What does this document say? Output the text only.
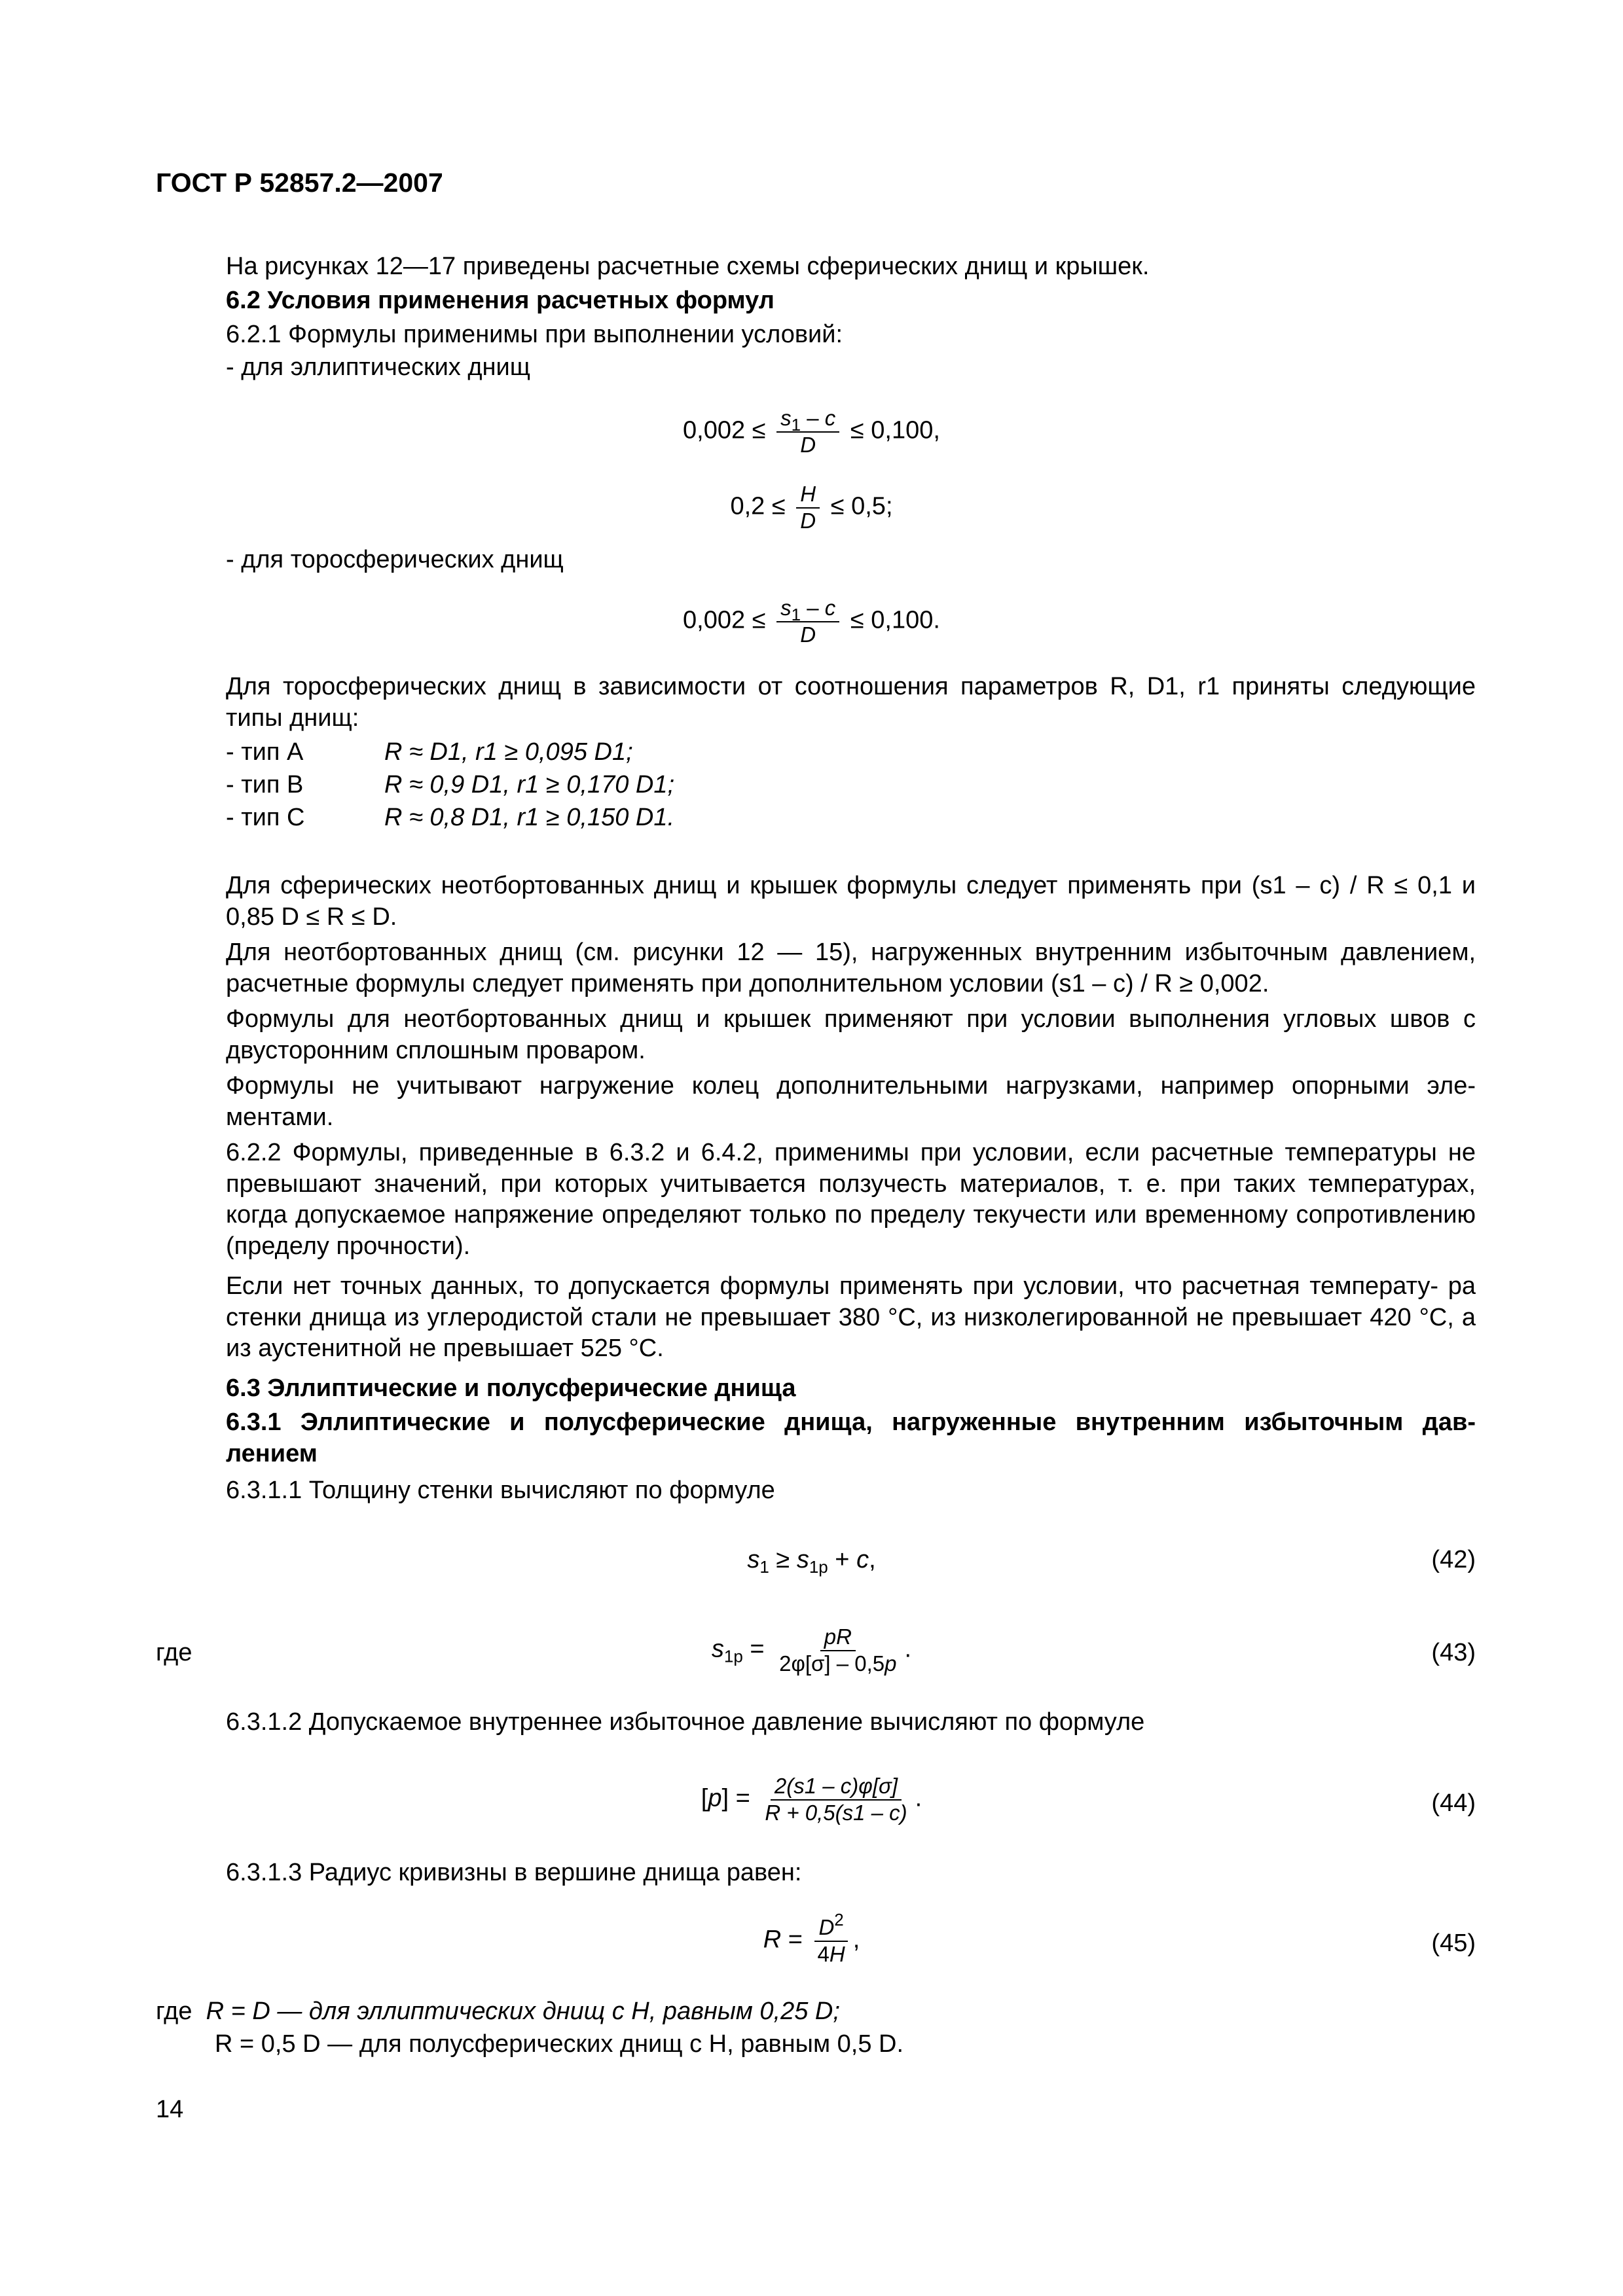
ГОСТ Р 52857.2—2007
На рисунках 12—17 приведены расчетные схемы сферических днищ и крышек.
6.2 Условия применения расчетных формул
6.2.1 Формулы применимы при выполнении условий:
- для эллиптических днищ
$0,002 \le \frac{s_1 - c}{D} \le 0,100$,
$0,2 \le \frac{H}{D} \le 0,5$;
- для торосферических днищ
$0,002 \le \frac{s_1 - c}{D} \le 0,100$.
Для торосферических днищ в зависимости от соотношения параметров R, D1, r1 приняты следующие типы днищ:
- тип А	R ≈ D1, r1 ≥ 0,095 D1;
- тип В	R ≈ 0,9 D1, r1 ≥ 0,170 D1;
- тип С	R ≈ 0,8 D1, r1 ≥ 0,150 D1.
Для сферических неотбортованных днищ и крышек формулы следует применять при (s1 – c) / R ≤ 0,1 и 0,85 D ≤ R ≤ D.
Для неотбортованных днищ (см. рисунки 12 — 15), нагруженных внутренним избыточным давлением, расчетные формулы следует применять при дополнительном условии (s1 – c) / R ≥ 0,002.
Формулы для неотбортованных днищ и крышек применяют при условии выполнения угловых швов с двусторонним сплошным проваром.
Формулы не учитывают нагружение колец дополнительными нагрузками, например опорными эле- ментами.
6.2.2 Формулы, приведенные в 6.3.2 и 6.4.2, применимы при условии, если расчетные температуры не превышают значений, при которых учитывается ползучесть материалов, т. е. при таких температурах, когда допускаемое напряжение определяют только по пределу текучести или временному сопротивлению (пределу прочности).
Если нет точных данных, то допускается формулы применять при условии, что расчетная температу- ра стенки днища из углеродистой стали не превышает 380 °С, из низколегированной не превышает 420 °С, а из аустенитной не превышает 525 °С.
6.3 Эллиптические и полусферические днища
6.3.1 Эллиптические и полусферические днища, нагруженные внутренним избыточным дав- лением
6.3.1.1 Толщину стенки вычисляют по формуле
$s_1 \ge s_{1р} + c$,	(42)
где	$s_{1р} = \frac{pR}{2\varphi[\sigma] - 0,5p}$ .	(43)
6.3.1.2 Допускаемое внутреннее избыточное давление вычисляют по формуле
$[p] = \frac{2(s1 - c)\varphi[\sigma]}{R + 0,5(s1 - c)}$ .	(44)
6.3.1.3 Радиус кривизны в вершине днища равен:
$R = \frac{D^2}{4H}$ ,	(45)
где R = D — для эллиптических днищ с H, равным 0,25 D;
R = 0,5 D — для полусферических днищ с H, равным 0,5 D.
14
